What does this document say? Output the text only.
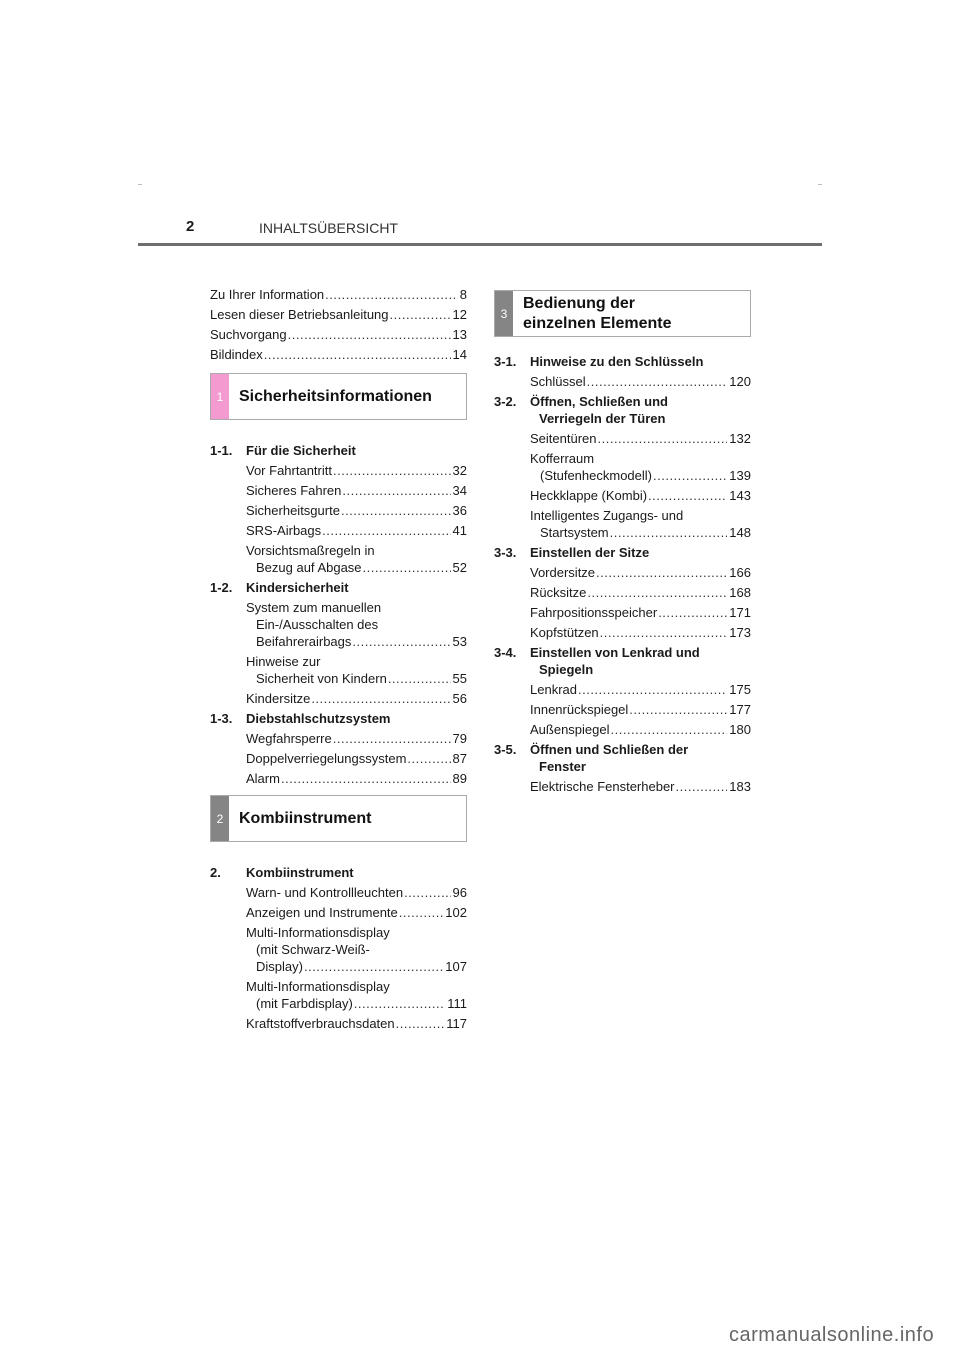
2	INHALTSÜBERSICHT
Zu Ihrer Information .....	8
Lesen dieser Betriebsanleitung .....	12
Suchvorgang .....	13
Bildindex .....	14
1 Sicherheitsinformationen
1-1.	Für die Sicherheit
Vor Fahrtantritt .....	32
Sicheres Fahren .....	34
Sicherheitsgurte .....	36
SRS-Airbags .....	41
Vorsichtsmaßregeln in
Bezug auf Abgase .....	52
1-2.	Kindersicherheit
System zum manuellen
Ein-/Ausschalten des
Beifahrerairbags .....	53
Hinweise zur
Sicherheit von Kindern .....	55
Kindersitze .....	56
1-3.	Diebstahlschutzsystem
Wegfahrsperre .....	79
Doppelverriegelungssystem .....	87
Alarm .....	89
2 Kombiinstrument
2.	Kombiinstrument
Warn- und Kontrollleuchten .....	96
Anzeigen und Instrumente .....	102
Multi-Informationsdisplay
(mit Schwarz-Weiß-
Display) .....	107
Multi-Informationsdisplay
(mit Farbdisplay) .....	111
Kraftstoffverbrauchsdaten .....	117
3
Bedienung der
einzelnen Elemente
3-1.	Hinweise zu den Schlüsseln
Schlüssel .....	120
3-2.	Öffnen, Schließen und
Verriegeln der Türen
Seitentüren .....	132
Kofferraum
(Stufenheckmodell) .....	139
Heckklappe (Kombi) .....	143
Intelligentes Zugangs- und
Startsystem .....	148
3-3.	Einstellen der Sitze
Vordersitze .....	166
Rücksitze .....	168
Fahrpositionsspeicher .....	171
Kopfstützen .....	173
3-4.	Einstellen von Lenkrad und
Spiegeln
Lenkrad .....	175
Innenrückspiegel .....	177
Außenspiegel .....	180
3-5.	Öffnen und Schließen der
Fenster
Elektrische Fensterheber .....	183
carmanualsonline.info
